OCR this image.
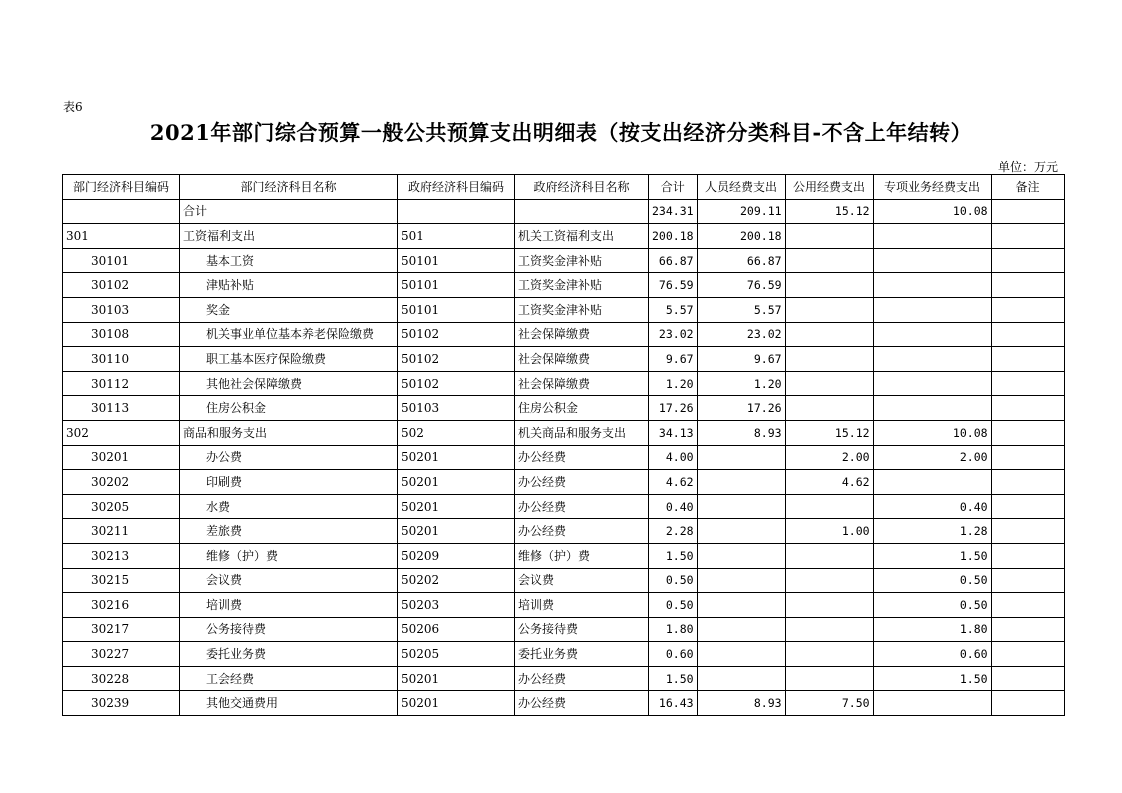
表6
2021年部门综合预算一般公共预算支出明细表（按支出经济分类科目-不含上年结转）
单位：万元
部门经济科目编码	部门经济科目名称	政府经济科目编码	政府经济科目名称	合计	人员经费支出	公用经费支出	专项业务经费支出	备注
	合计			234.31	209.11	15.12	10.08	
301	工资福利支出	501	机关工资福利支出	200.18	200.18			
30101	基本工资	50101	工资奖金津补贴	66.87	66.87			
30102	津贴补贴	50101	工资奖金津补贴	76.59	76.59			
30103	奖金	50101	工资奖金津补贴	5.57	5.57			
30108	机关事业单位基本养老保险缴费	50102	社会保障缴费	23.02	23.02			
30110	职工基本医疗保险缴费	50102	社会保障缴费	9.67	9.67			
30112	其他社会保障缴费	50102	社会保障缴费	1.20	1.20			
30113	住房公积金	50103	住房公积金	17.26	17.26			
302	商品和服务支出	502	机关商品和服务支出	34.13	8.93	15.12	10.08	
30201	办公费	50201	办公经费	4.00		2.00	2.00	
30202	印刷费	50201	办公经费	4.62		4.62		
30205	水费	50201	办公经费	0.40			0.40	
30211	差旅费	50201	办公经费	2.28		1.00	1.28	
30213	维修（护）费	50209	维修（护）费	1.50			1.50	
30215	会议费	50202	会议费	0.50			0.50	
30216	培训费	50203	培训费	0.50			0.50	
30217	公务接待费	50206	公务接待费	1.80			1.80	
30227	委托业务费	50205	委托业务费	0.60			0.60	
30228	工会经费	50201	办公经费	1.50			1.50	
30239	其他交通费用	50201	办公经费	16.43	8.93	7.50		
